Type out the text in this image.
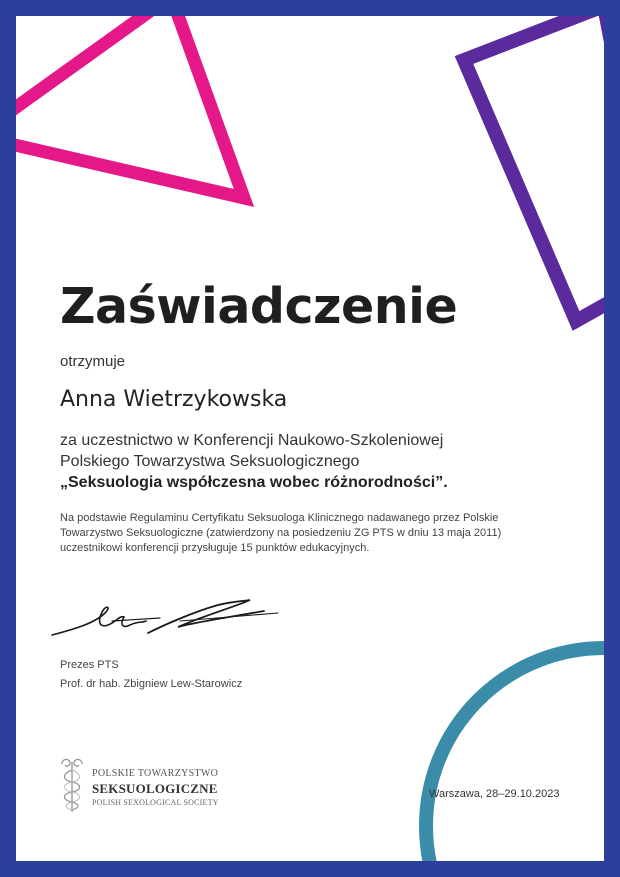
Zaświadczenie
otrzymuje
Anna Wietrzykowska
za uczestnictwo w Konferencji Naukowo-Szkoleniowej
Polskiego Towarzystwa Seksuologicznego
„Seksuologia współczesna wobec różnorodności”.
Na podstawie Regulaminu Certyfikatu Seksuologa Klinicznego nadawanego przez Polskie Towarzystwo Seksuologiczne (zatwierdzony na posiedzeniu ZG PTS w dniu 13 maja 2011) uczestnikowi konferencji przysługuje 15 punktów edukacyjnych.
Prezes PTS
Prof. dr hab. Zbigniew Lew-Starowicz
POLSKIE TOWARZYSTWO
SEKSUOLOGICZNE
POLISH SEXOLOGICAL SOCIETY
Warszawa, 28–29.10.2023
